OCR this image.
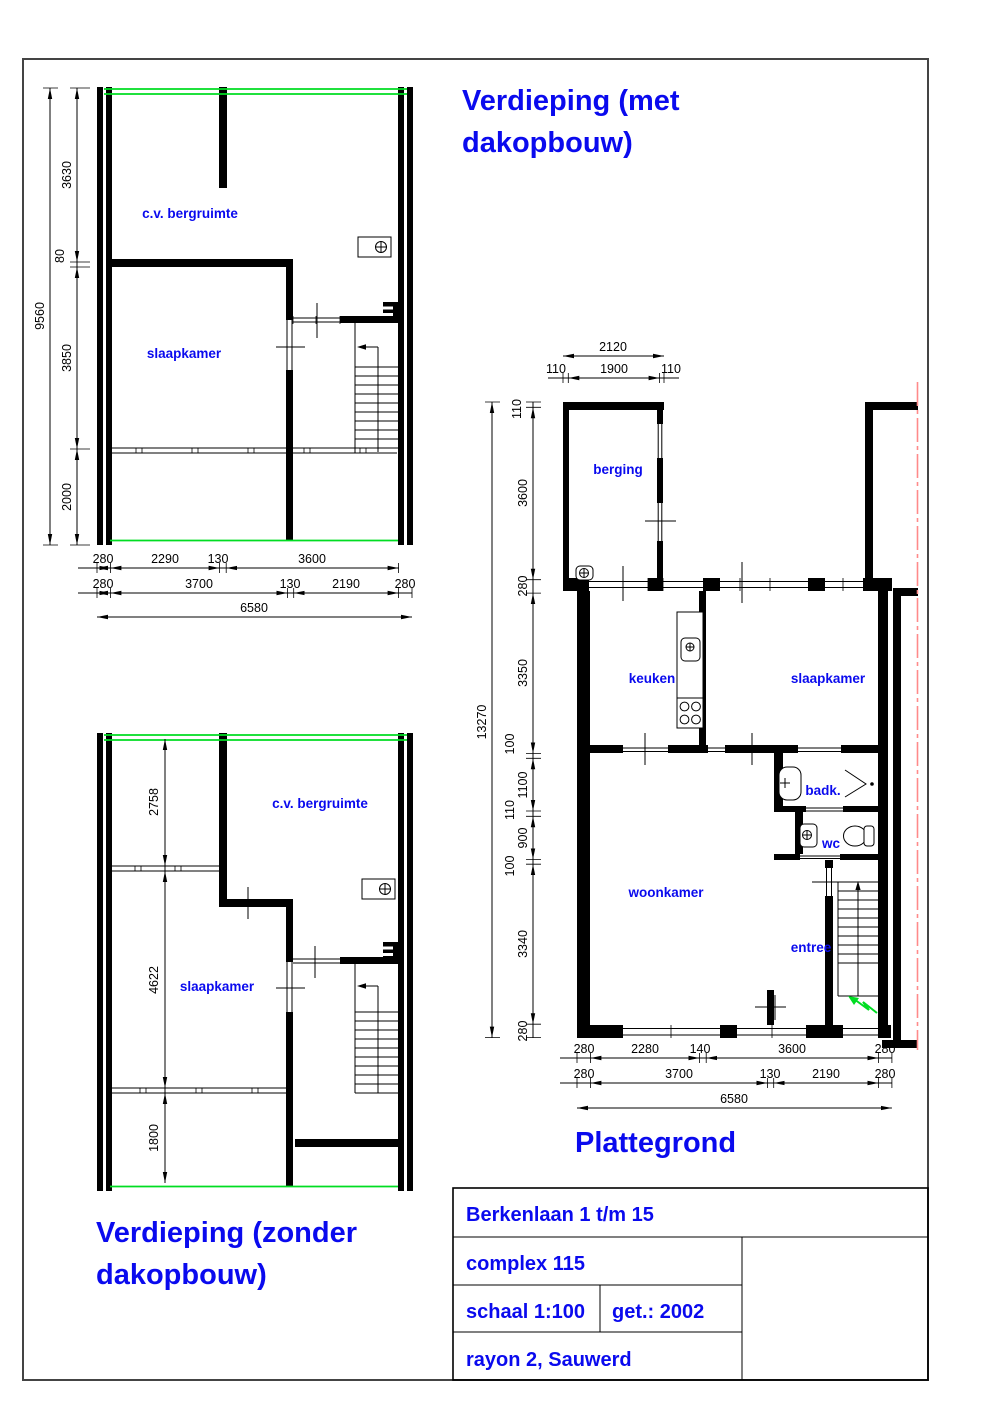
c.v. bergruimte
slaapkamer
9560
3630
80
3850
2000
280	2290 130	3600
280	3700	130	2190	280
6580
c.v. bergruimte
slaapkamer
2758
4622
1800
berging
keuken	slaapkamer
badk.
wc
woonkamer
entree
2120
110	1900	110
13270
110
3600
280
3350
100
1100
110
900
100
3340
280
280	2280 140	3600	280
280	3700	130	2190	280
6580
Verdieping (met
dakopbouw)
Verdieping (zonder
dakopbouw)
Plattegrond
Berkenlaan 1 t/m 15
complex 115
schaal 1:100 get.: 2002
rayon 2, Sauwerd
